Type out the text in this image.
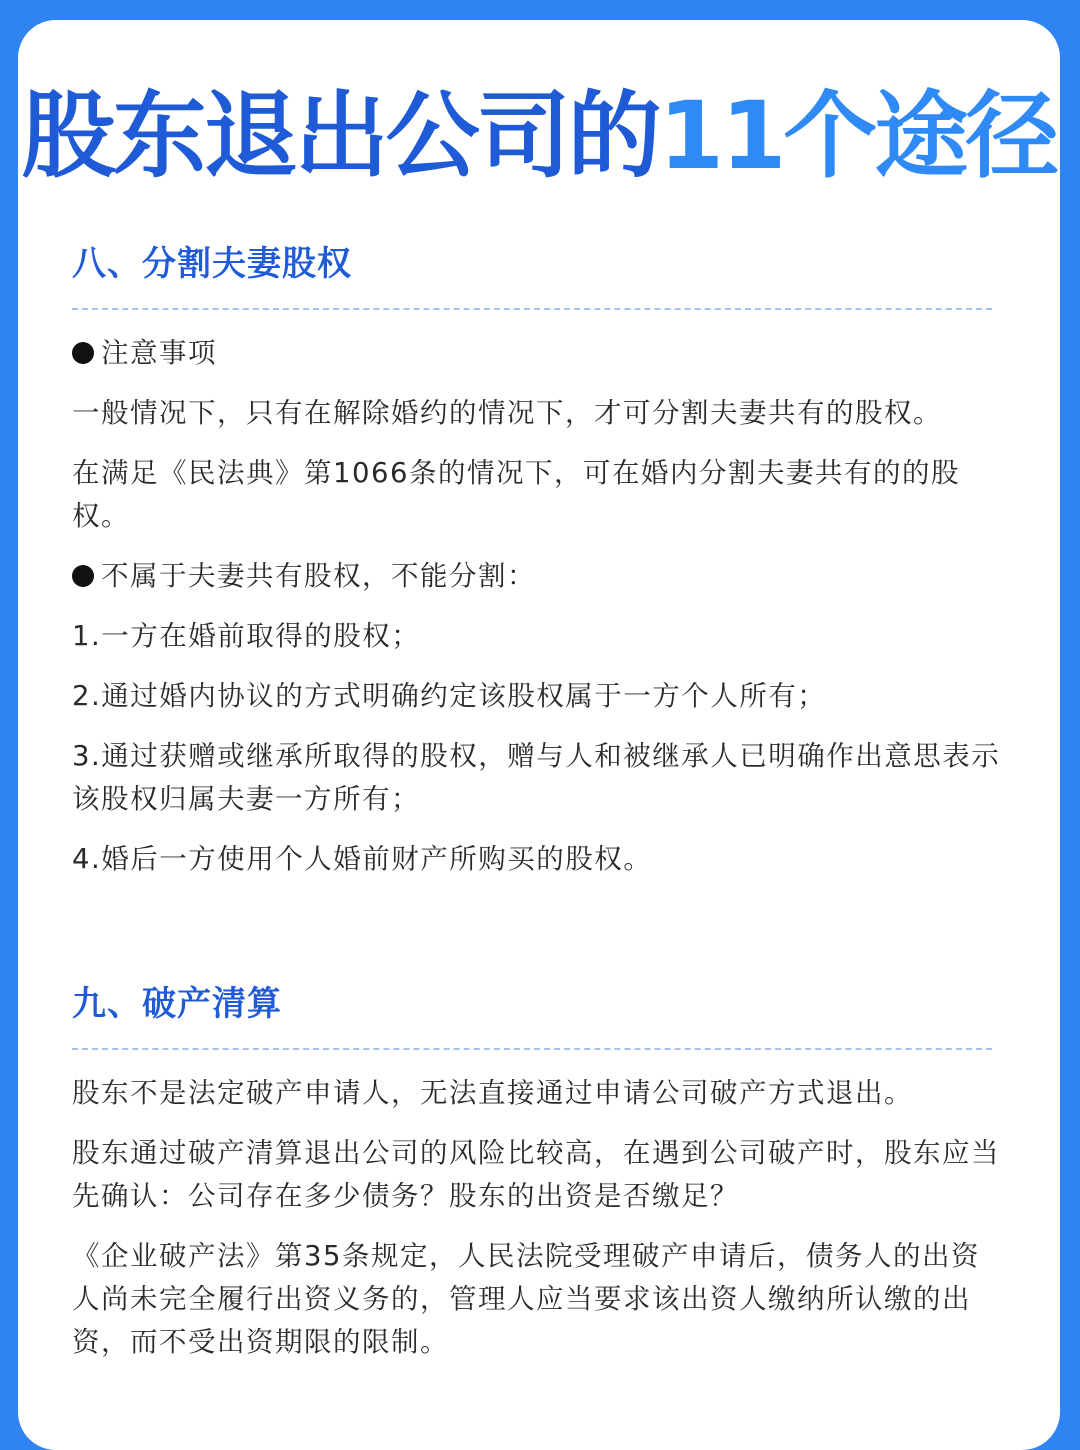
股东退出公司的11个途径
八、分割夫妻股权

注意事项

一般情况下，只有在解除婚约的情况下，才可分割夫妻共有的股权。

在满足《民法典》第1066条的情况下，可在婚内分割夫妻共有的的股权。

不属于夫妻共有股权，不能分割：

1.一方在婚前取得的股权；

2.通过婚内协议的方式明确约定该股权属于一方个人所有；

3.通过获赠或继承所取得的股权，赠与人和被继承人已明确作出意思表示该股权归属夫妻一方所有；

4.婚后一方使用个人婚前财产所购买的股权。

九、破产清算

股东不是法定破产申请人，无法直接通过申请公司破产方式退出。

股东通过破产清算退出公司的风险比较高，在遇到公司破产时，股东应当先确认：公司存在多少债务？股东的出资是否缴足？

《企业破产法》第35条规定，人民法院受理破产申请后，债务人的出资人尚未完全履行出资义务的，管理人应当要求该出资人缴纳所认缴的出资，而不受出资期限的限制。
